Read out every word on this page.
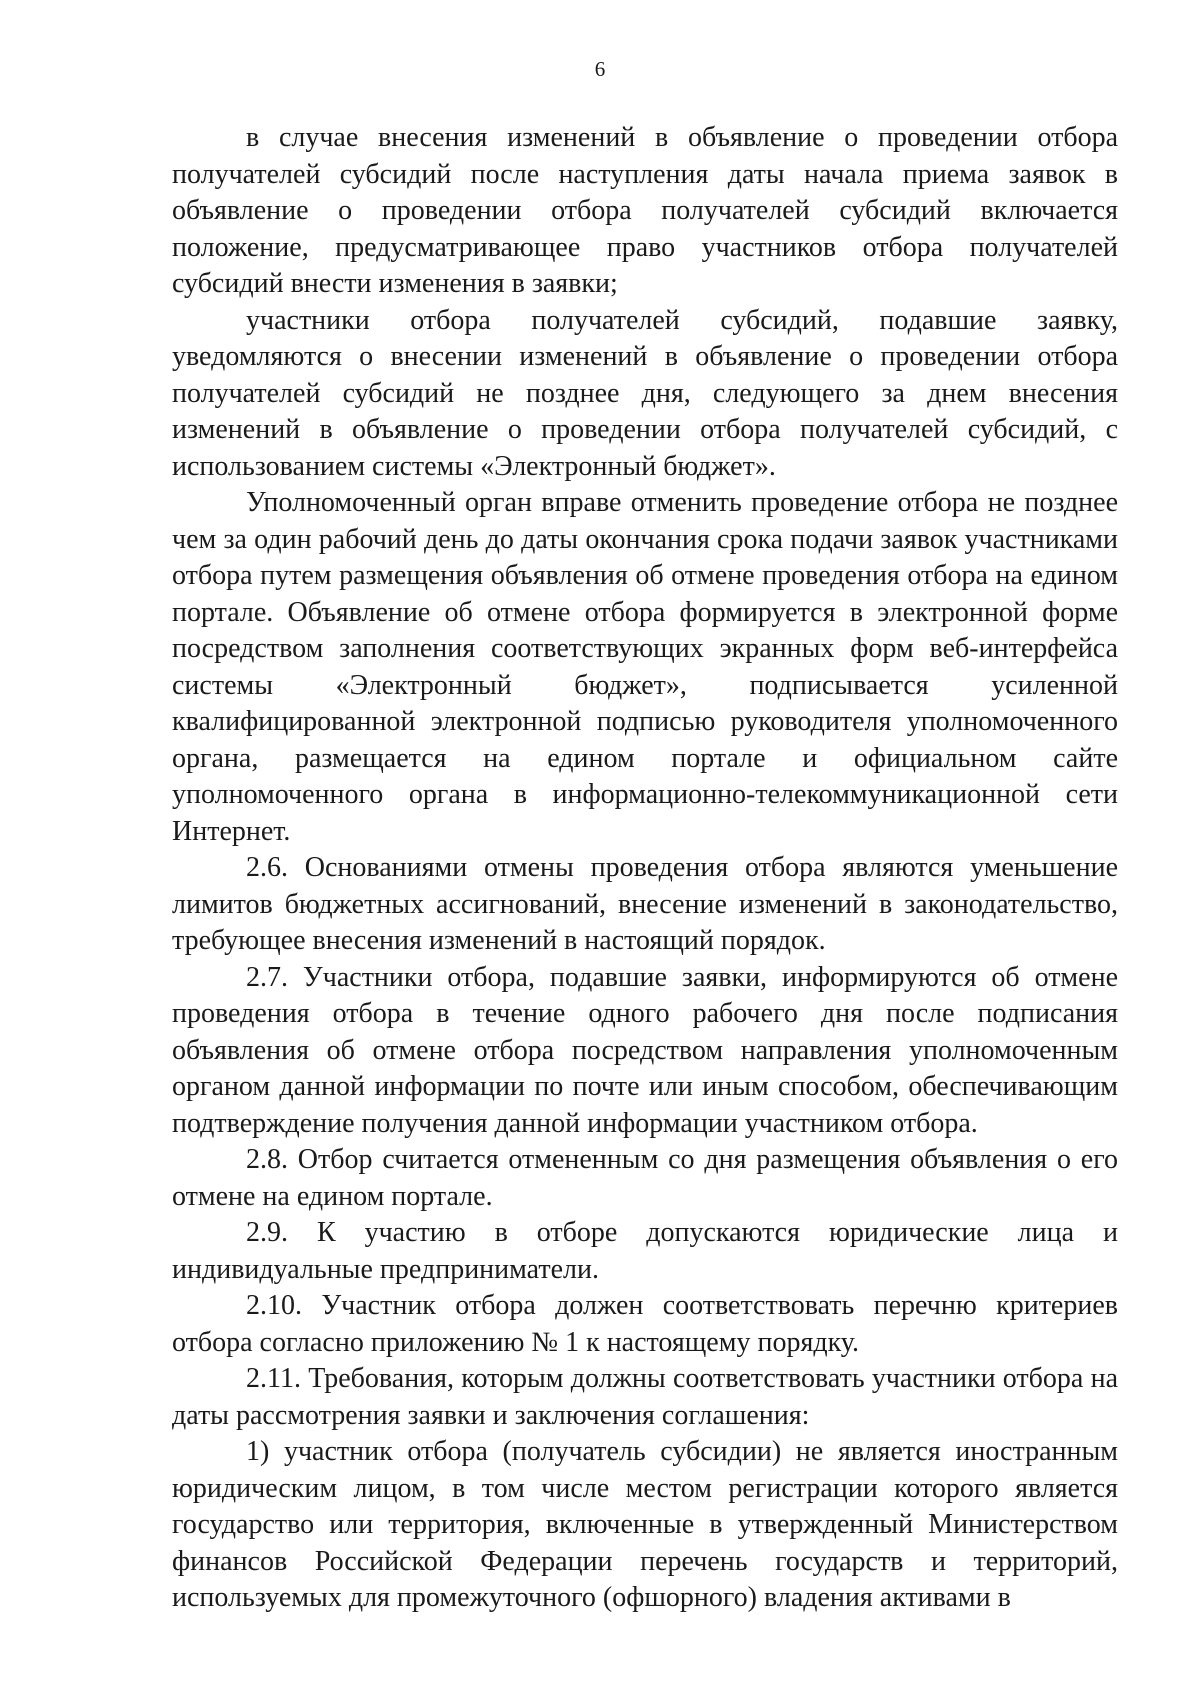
6

в случае внесения изменений в объявление о проведении отбора получателей субсидий после наступления даты начала приема заявок в объявление о проведении отбора получателей субсидий включается положение, предусматривающее право участников отбора получателей субсидий внести изменения в заявки;

участники отбора получателей субсидий, подавшие заявку, уведомляются о внесении изменений в объявление о проведении отбора получателей субсидий не позднее дня, следующего за днем внесения изменений в объявление о проведении отбора получателей субсидий, с использованием системы «Электронный бюджет».

Уполномоченный орган вправе отменить проведение отбора не позднее чем за один рабочий день до даты окончания срока подачи заявок участниками отбора путем размещения объявления об отмене проведения отбора на едином портале. Объявление об отмене отбора формируется в электронной форме посредством заполнения соответствующих экранных форм веб-интерфейса системы «Электронный бюджет», подписывается усиленной квалифицированной электронной подписью руководителя уполномоченного органа, размещается на едином портале и официальном сайте уполномоченного органа в информационно-телекоммуникационной сети Интернет.

2.6. Основаниями отмены проведения отбора являются уменьшение лимитов бюджетных ассигнований, внесение изменений в законодательство, требующее внесения изменений в настоящий порядок.

2.7. Участники отбора, подавшие заявки, информируются об отмене проведения отбора в течение одного рабочего дня после подписания объявления об отмене отбора посредством направления уполномоченным органом данной информации по почте или иным способом, обеспечивающим подтверждение получения данной информации участником отбора.

2.8. Отбор считается отмененным со дня размещения объявления о его отмене на едином портале.

2.9. К участию в отборе допускаются юридические лица и индивидуальные предприниматели.

2.10. Участник отбора должен соответствовать перечню критериев отбора согласно приложению № 1 к настоящему порядку.

2.11. Требования, которым должны соответствовать участники отбора на даты рассмотрения заявки и заключения соглашения:

1) участник отбора (получатель субсидии) не является иностранным юридическим лицом, в том числе местом регистрации которого является государство или территория, включенные в утвержденный Министерством финансов Российской Федерации перечень государств и территорий, используемых для промежуточного (офшорного) владения активами в
